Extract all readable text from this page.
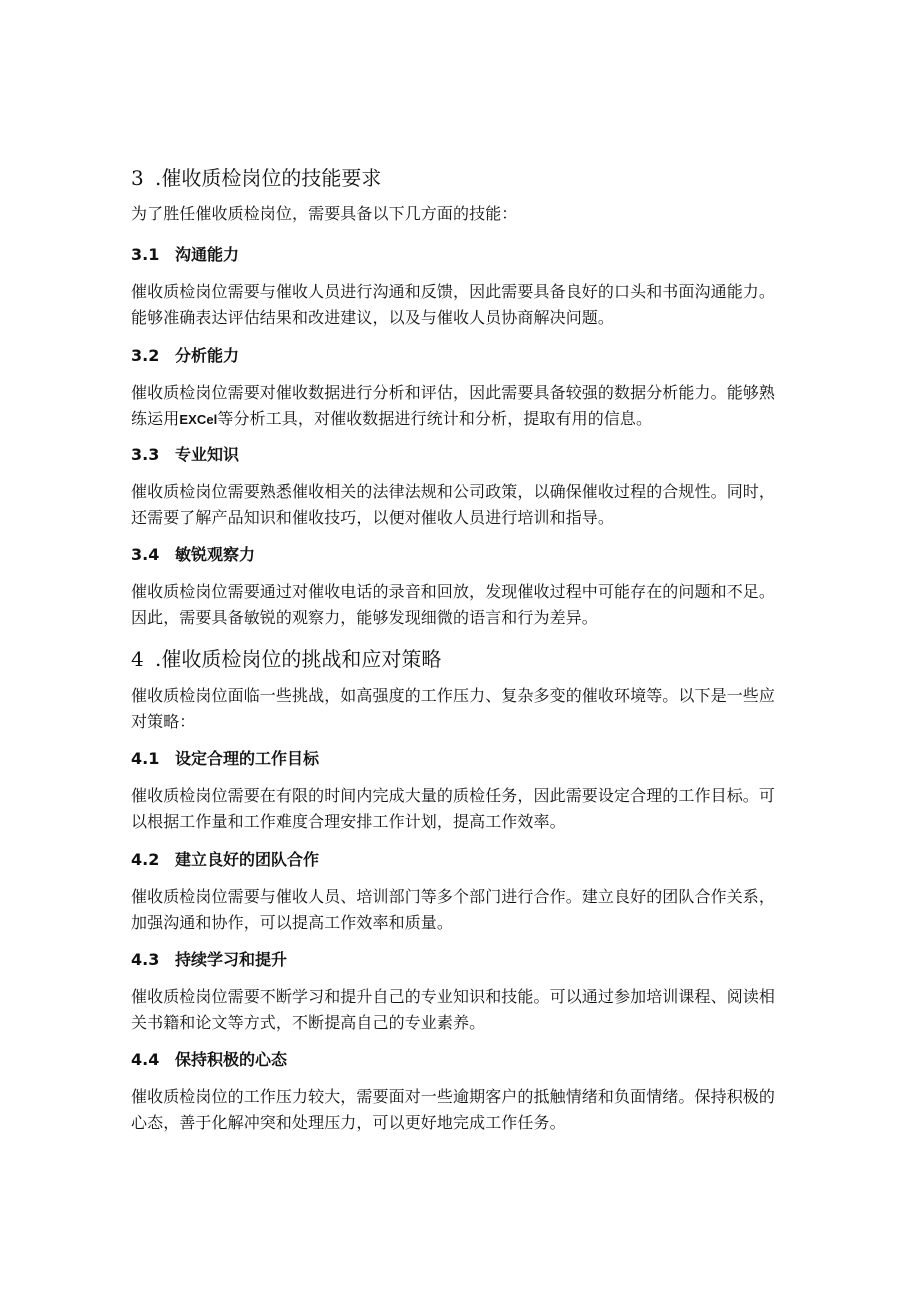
3 .催收质检岗位的技能要求
为了胜任催收质检岗位，需要具备以下几方面的技能：
3.1 沟通能力
催收质检岗位需要与催收人员进行沟通和反馈，因此需要具备良好的口头和书面沟通能力。能够准确表达评估结果和改进建议，以及与催收人员协商解决问题。
3.2 分析能力
催收质检岗位需要对催收数据进行分析和评估，因此需要具备较强的数据分析能力。能够熟练运用EXCel等分析工具，对催收数据进行统计和分析，提取有用的信息。
3.3 专业知识
催收质检岗位需要熟悉催收相关的法律法规和公司政策，以确保催收过程的合规性。同时，还需要了解产品知识和催收技巧，以便对催收人员进行培训和指导。
3.4 敏锐观察力
催收质检岗位需要通过对催收电话的录音和回放，发现催收过程中可能存在的问题和不足。因此，需要具备敏锐的观察力，能够发现细微的语言和行为差异。
4 .催收质检岗位的挑战和应对策略
催收质检岗位面临一些挑战，如高强度的工作压力、复杂多变的催收环境等。以下是一些应对策略：
4.1 设定合理的工作目标
催收质检岗位需要在有限的时间内完成大量的质检任务，因此需要设定合理的工作目标。可以根据工作量和工作难度合理安排工作计划，提高工作效率。
4.2 建立良好的团队合作
催收质检岗位需要与催收人员、培训部门等多个部门进行合作。建立良好的团队合作关系，加强沟通和协作，可以提高工作效率和质量。
4.3 持续学习和提升
催收质检岗位需要不断学习和提升自己的专业知识和技能。可以通过参加培训课程、阅读相关书籍和论文等方式，不断提高自己的专业素养。
4.4 保持积极的心态
催收质检岗位的工作压力较大，需要面对一些逾期客户的抵触情绪和负面情绪。保持积极的心态，善于化解冲突和处理压力，可以更好地完成工作任务。
